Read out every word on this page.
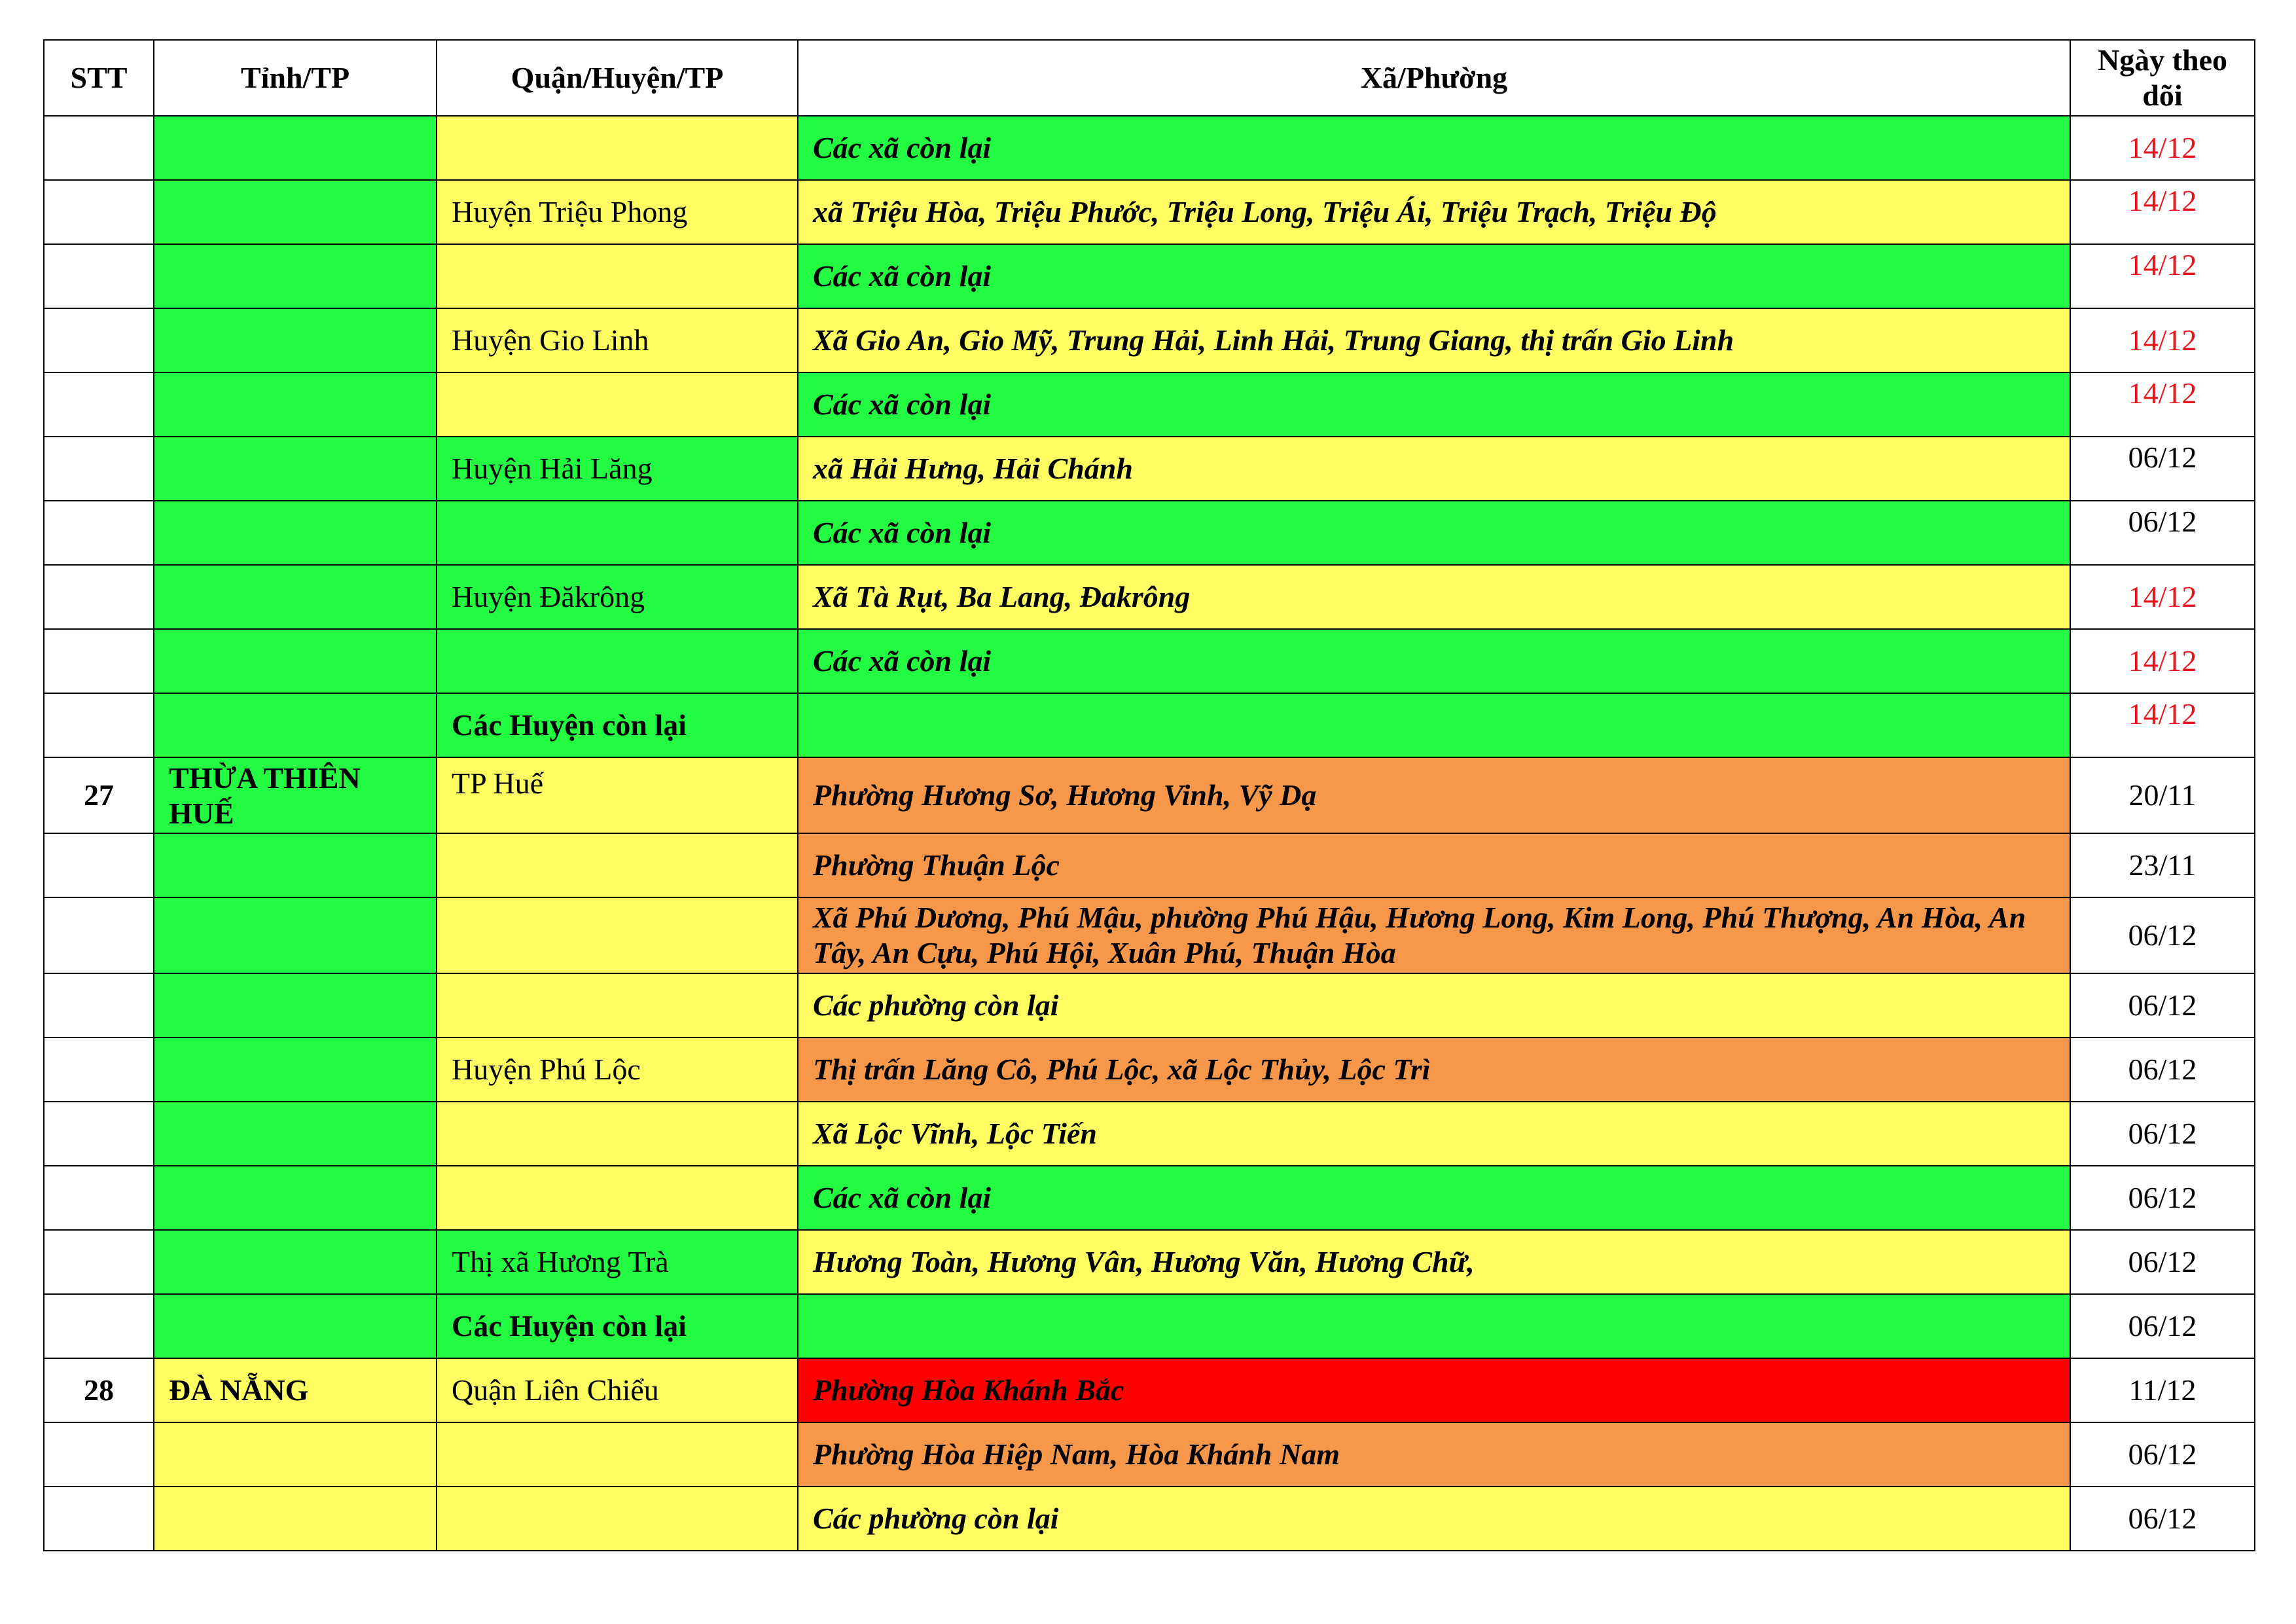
STT	Tỉnh/TP	Quận/Huyện/TP	Xã/Phường	Ngày theo dõi
			Các xã còn lại	14/12
		Huyện Triệu Phong	xã Triệu Hòa, Triệu Phước, Triệu Long, Triệu Ái, Triệu Trạch, Triệu Độ	14/12
			Các xã còn lại	14/12
		Huyện Gio Linh	Xã Gio An, Gio Mỹ, Trung Hải, Linh Hải, Trung Giang, thị trấn Gio Linh	14/12
			Các xã còn lại	14/12
		Huyện Hải Lăng	xã Hải Hưng, Hải Chánh	06/12
			Các xã còn lại	06/12
		Huyện Đăkrông	Xã Tà Rụt, Ba Lang, Đakrông	14/12
			Các xã còn lại	14/12
		Các Huyện còn lại		14/12
27	THỪA THIÊN HUẾ	TP Huế	Phường Hương Sơ, Hương Vinh, Vỹ Dạ	20/11
			Phường Thuận Lộc	23/11
			Xã Phú Dương, Phú Mậu, phường Phú Hậu, Hương Long, Kim Long, Phú Thượng, An Hòa, An Tây, An Cựu, Phú Hội, Xuân Phú, Thuận Hòa	06/12
			Các phường còn lại	06/12
		Huyện Phú Lộc	Thị trấn Lăng Cô, Phú Lộc, xã Lộc Thủy, Lộc Trì	06/12
			Xã Lộc Vĩnh, Lộc Tiến	06/12
			Các xã còn lại	06/12
		Thị xã Hương Trà	Hương Toàn, Hương Vân, Hương Văn, Hương Chữ,	06/12
		Các Huyện còn lại		06/12
28	ĐÀ NẴNG	Quận Liên Chiểu	Phường Hòa Khánh Bắc	11/12
			Phường Hòa Hiệp Nam, Hòa Khánh Nam	06/12
			Các phường còn lại	06/12
